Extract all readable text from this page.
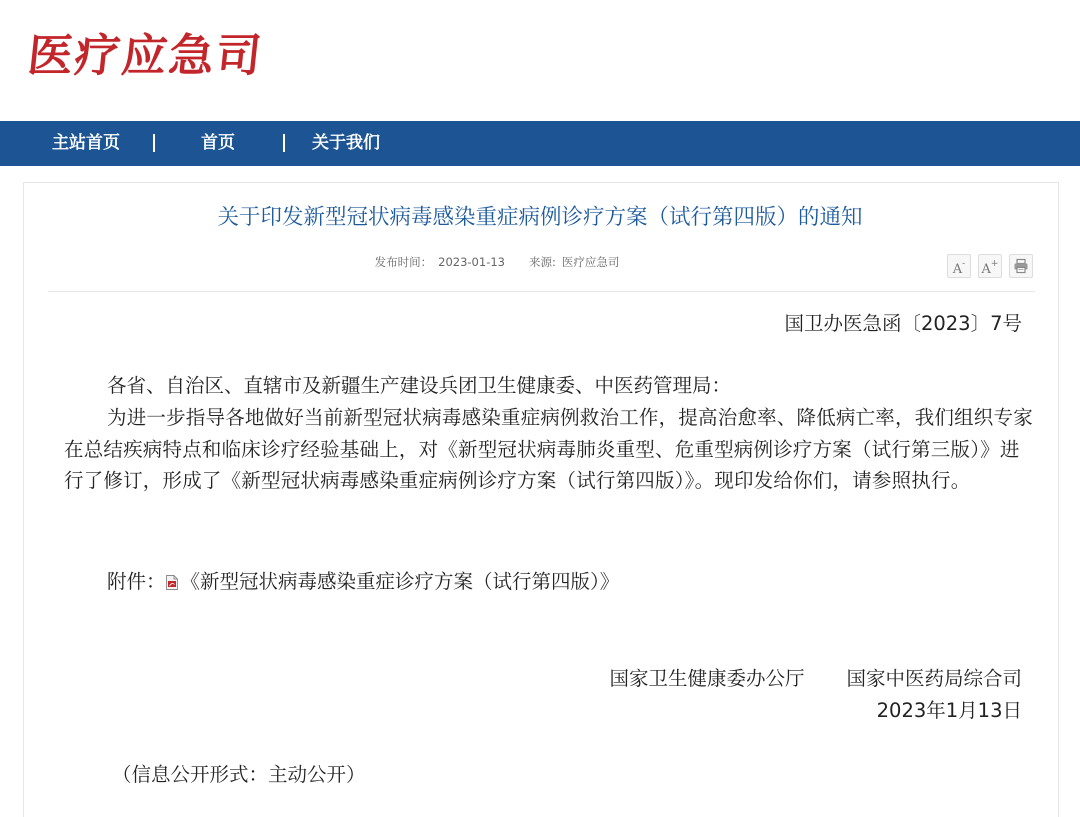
医疗应急司
主站首页	首页	关于我们
关于印发新型冠状病毒感染重症病例诊疗方案（试行第四版）的通知
发布时间： 2023-01-13 来源: 医疗应急司
A-	A+
国卫办医急函〔2023〕7号
各省、自治区、直辖市及新疆生产建设兵团卫生健康委、中医药管理局：
为进一步指导各地做好当前新型冠状病毒感染重症病例救治工作，提高治愈率、降低病亡率，我们组织专家在总结疾病特点和临床诊疗经验基础上，对《新型冠状病毒肺炎重型、危重型病例诊疗方案（试行第三版）》进行了修订，形成了《新型冠状病毒感染重症病例诊疗方案（试行第四版）》。现印发给你们，请参照执行。
附件： 《新型冠状病毒感染重症诊疗方案（试行第四版）》
国家卫生健康委办公厅 国家中医药局综合司
2023年1月13日
（信息公开形式：主动公开）
